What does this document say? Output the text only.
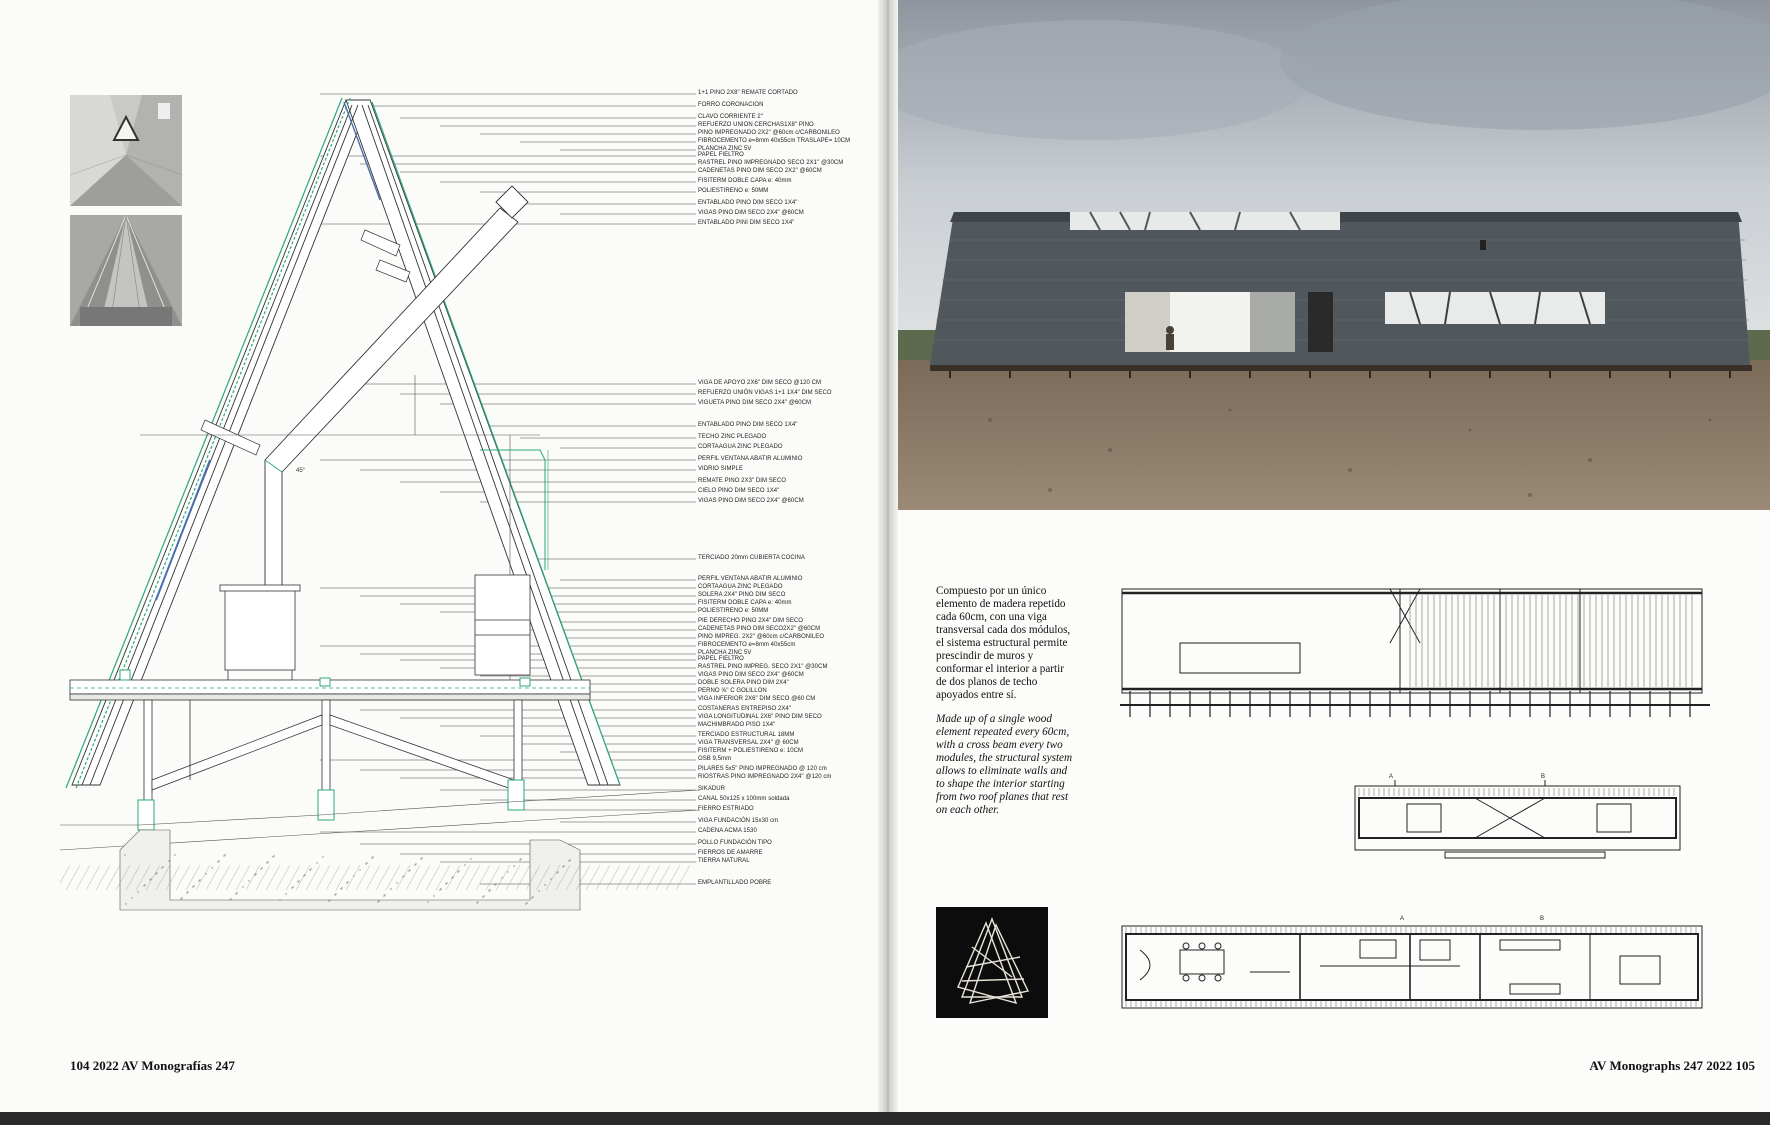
45°
1+1 PINO 2X8" REMATE CORTADO
FORRO CORONACION
CLAVO CORRIENTE 2"
REFUERZO UNION CERCHAS1X8" PINO
PINO IMPREGNADO 2X2" @60cm c/CARBONILEO
FIBROCEMENTO e=8mm 40x55cm TRASLAPE= 10CM
PLANCHA ZINC 5V
PAPEL FIELTRO
RASTREL PINO IMPREGNADO SECO 2X1" @30CM
CADENETAS PINO DIM SECO 2X2" @60CM
FISITERM DOBLE CAPA e: 40mm
POLIESTIRENO e: 50MM
ENTABLADO PINO DIM SECO 1X4"
VIGAS PINO DIM SECO 2X4" @60CM
ENTABLADO PINI DIM SECO 1X4"
VIGA DE APOYO 2X6" DIM SECO @120 CM
REFUERZO UNIÓN VIGAS 1+1 1X4" DIM SECO
VIGUETA PINO DIM SECO 2X4" @60CM
ENTABLADO PINO DIM SECO 1X4"
TECHO ZINC PLEGADO
CORTAAGUA ZINC PLEGADO
PERFIL VENTANA ABATIR ALUMINIO
VIDRIO SIMPLE
REMATE PINO 2X3" DIM SECO
CIELO PINO DIM SECO 1X4"
VIGAS PINO DIM SECO 2X4" @60CM
TERCIADO 20mm CUBIERTA COCINA
PERFIL VENTANA ABATIR ALUMINIO
CORTAAGUA ZINC PLEGADO
SOLERA 2X4" PINO DIM SECO
FISITERM DOBLE CAPA e: 40mm
POLIESTIRENO e: 50MM
PIE DERECHO PINO 2X4" DIM SECO
CADENETAS PINO DIM SECO2X2" @60CM
PINO IMPREG. 2X2" @60cm c/CARBONILEO
FIBROCEMENTO e=8mm 40x55cm
PLANCHA ZINC 5V
PAPEL FIELTRO
RASTREL PINO IMPREG. SECO 2X1" @30CM
VIGAS PINO DIM SECO 2X4" @60CM
DOBLE SOLERA PINO DIM 2X4"
PERNO ⅝" C GOLILLON
VIGA INFERIOR 2X6" DIM SECO @60 CM
COSTANERAS ENTREPISO 2X4"
VIGA LONGITUDINAL 2X6" PINO DIM SECO
MACHIMBRADO PISO 1X4"
TERCIADO ESTRUCTURAL 18MM
VIGA TRANSVERSAL 2X4" @ 60CM
FISITERM + POLIESTIRENO e: 10CM
OSB 9,5mm
PILARES 5x5" PINO IMPREGNADO @ 120 cm
RIOSTRAS PINO IMPREGNADO 2X4" @120 cm
SIKADUR
CANAL 50x125 x 100mm soldada
FIERRO ESTRIADO
VIGA FUNDACIÓN 15x30 cm
CADENA ACMA 1530
POLLO FUNDACIÓN TIPO
FIERROS DE AMARRE
TIERRA NATURAL
EMPLANTILLADO POBRE
104 2022 AV Monografías 247
Compuesto por un único elemento de madera repetido cada 60cm, con una viga transversal cada dos módulos, el sistema estructural permite prescindir de muros y conformar el interior a partir de dos planos de techo apoyados entre sí.
Made up of a single wood element repeated every 60cm, with a cross beam every two modules, the structural system allows to eliminate walls and to shape the interior starting from two roof planes that rest on each other.
A	B
A	B
AV Monographs 247 2022 105
